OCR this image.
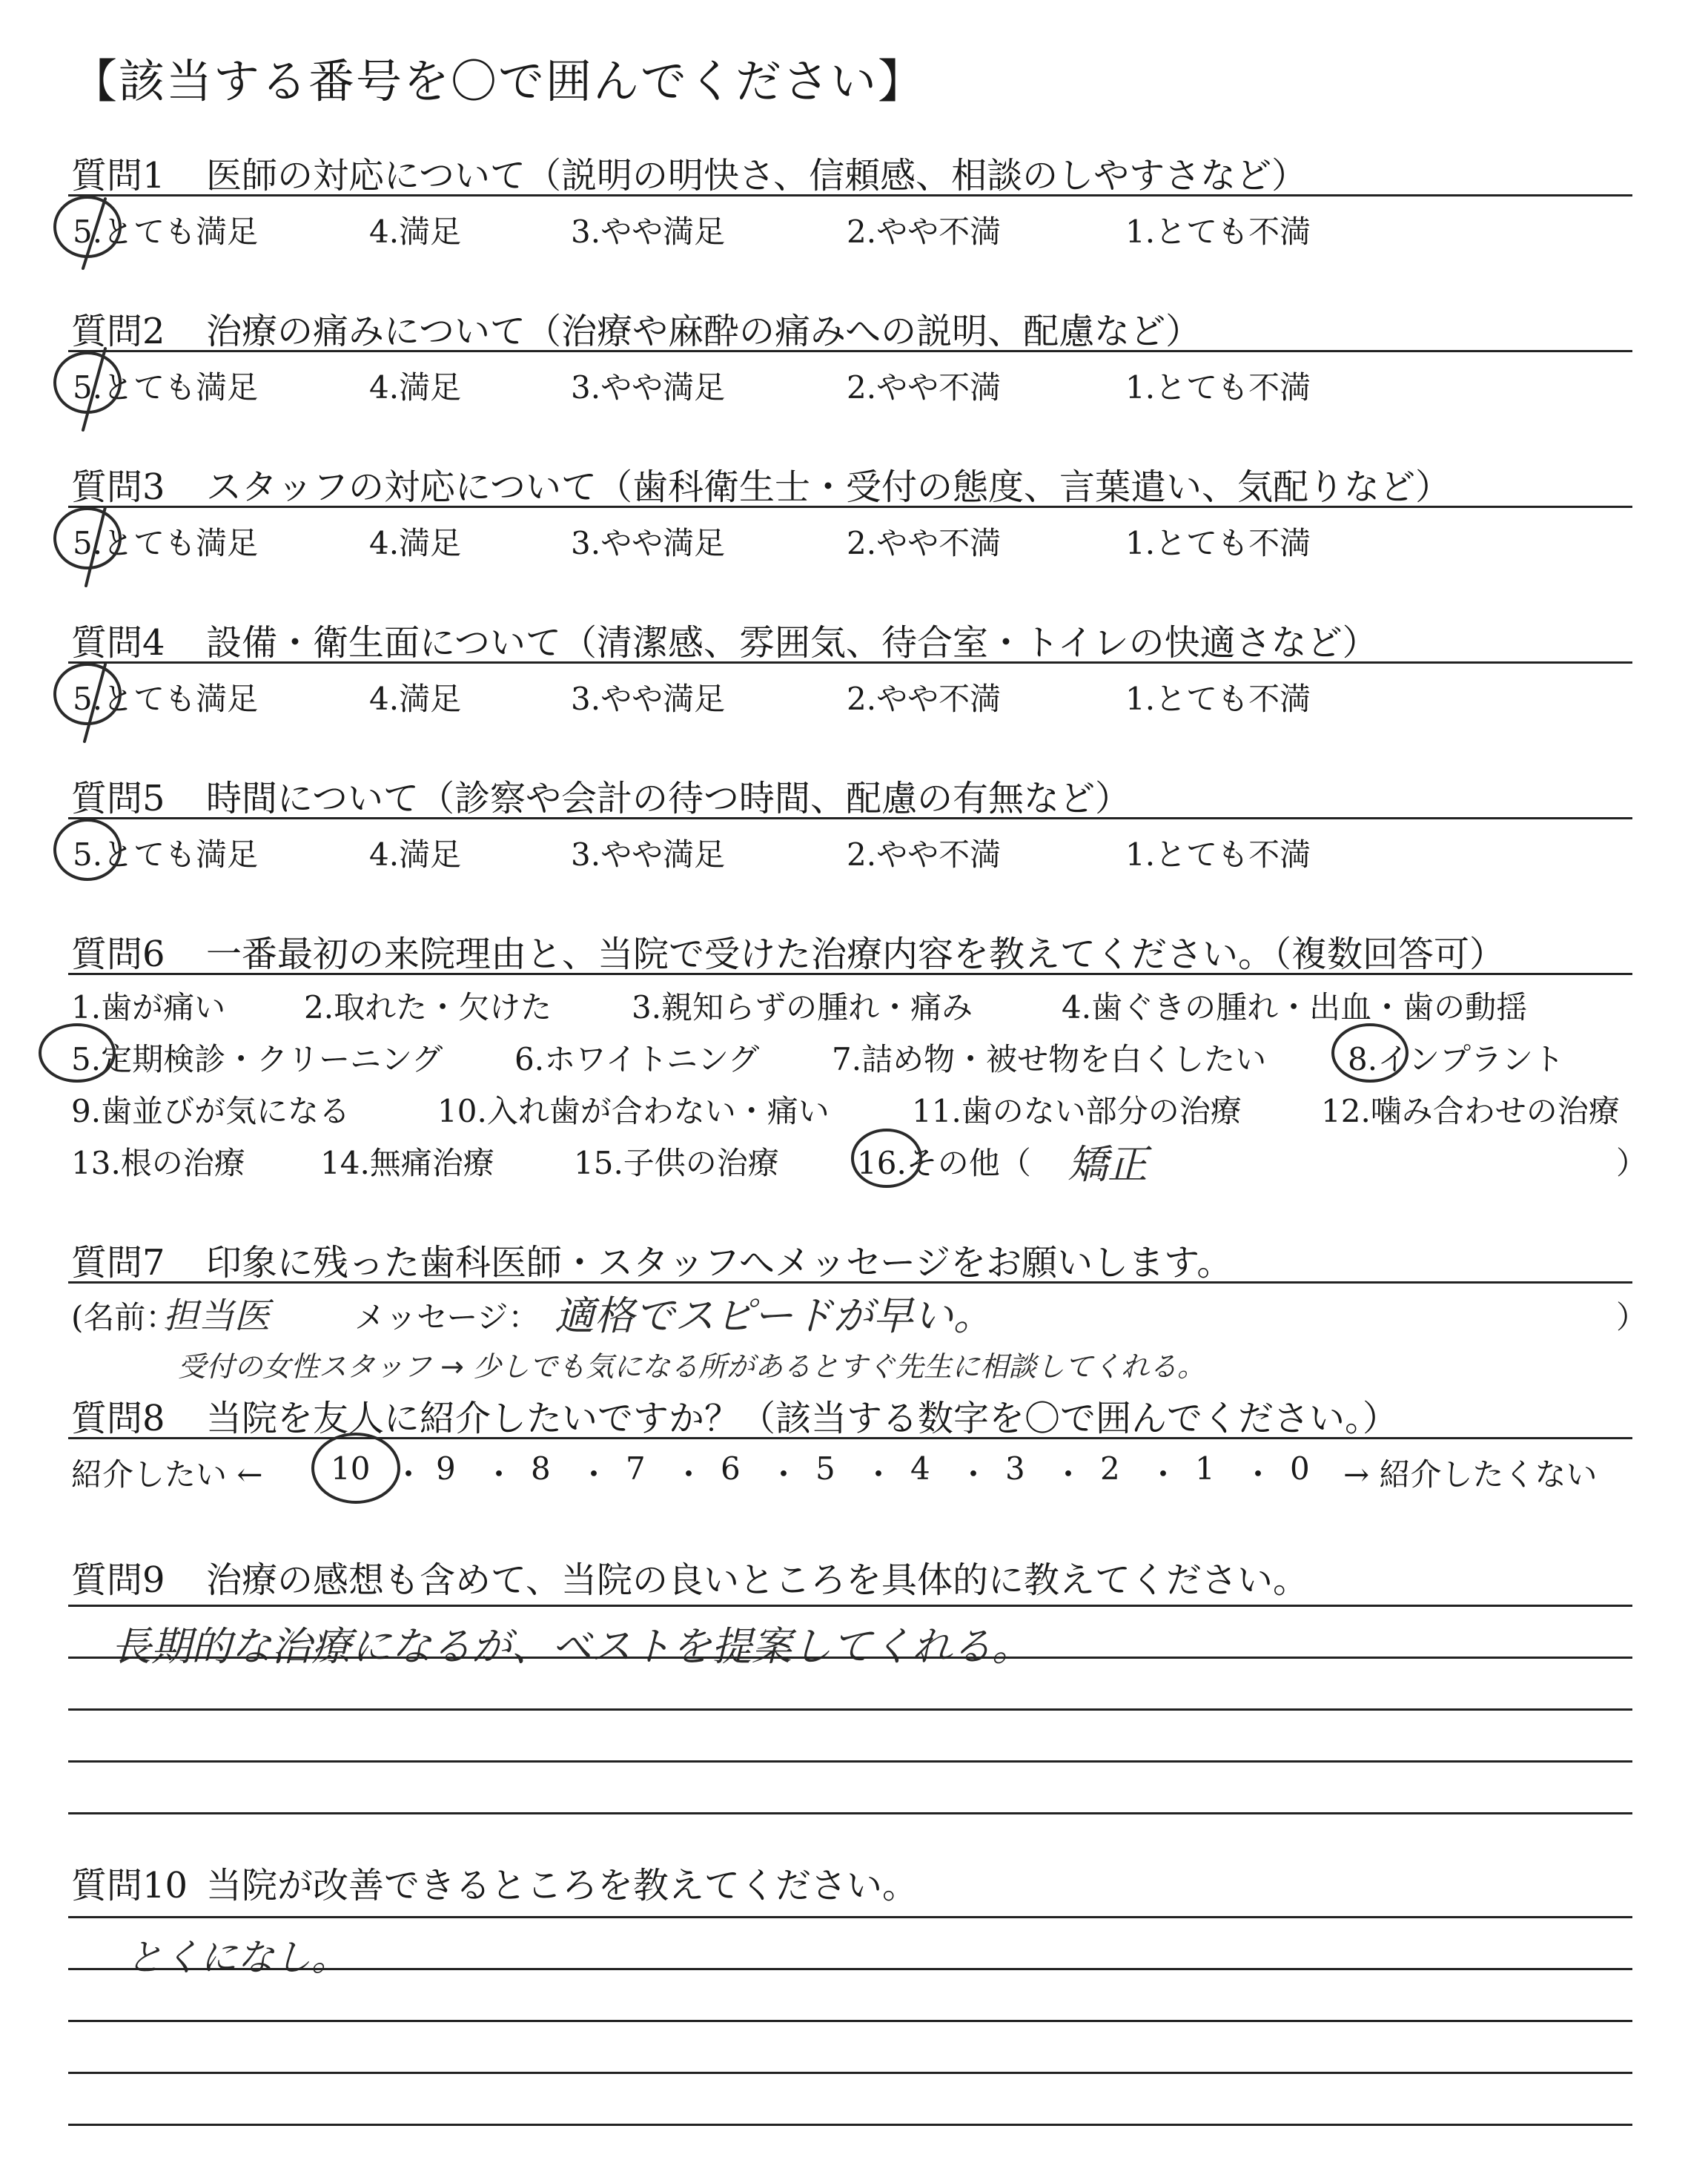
【該当する番号を〇で囲んでください】
質問1 医師の対応について（説明の明快さ、信頼感、相談のしやすさなど）
5.とても満足	4.満足	3.やや満足	2.やや不満	1.とても不満
質問2 治療の痛みについて（治療や麻酔の痛みへの説明、配慮など）
5.とても満足	4.満足	3.やや満足	2.やや不満	1.とても不満
質問3 スタッフの対応について（歯科衛生士・受付の態度、言葉遣い、気配りなど）
5.とても満足	4.満足	3.やや満足	2.やや不満	1.とても不満
質問4 設備・衛生面について（清潔感、雰囲気、待合室・トイレの快適さなど）
5.とても満足	4.満足	3.やや満足	2.やや不満	1.とても不満
質問5 時間について（診察や会計の待つ時間、配慮の有無など）
5.とても満足	4.満足	3.やや満足	2.やや不満	1.とても不満
質問6 一番最初の来院理由と、当院で受けた治療内容を教えてください。（複数回答可）
1.歯が痛い	2.取れた・欠けた	3.親知らずの腫れ・痛み	4.歯ぐきの腫れ・出血・歯の動揺
5.定期検診・クリーニング 6.ホワイトニング 7.詰め物・被せ物を白くしたい	8.インプラント
9.歯並びが気になる	10.入れ歯が合わない・痛い	11.歯のない部分の治療	12.噛み合わせの治療
13.根の治療 14.無痛治療	15.子供の治療	16.その他（ 矯正	）
質問7 印象に残った歯科医師・スタッフへメッセージをお願いします。
(名前：
担当医	メッセージ： 適格でスピードが早い。	）
受付の女性スタッフ → 少しでも気になる所があるとすぐ先生に相談してくれる。
質問8 当院を友人に紹介したいですか？（該当する数字を〇で囲んでください。）
紹介したい ← 10 ・ 9 ・ 8 ・ 7 ・ 6 ・ 5 ・ 4 ・ 3 ・ 2 ・ 1 ・ 0 → 紹介したくない
質問9 治療の感想も含めて、当院の良いところを具体的に教えてください。
長期的な治療になるが、ベストを提案してくれる。
質問10 当院が改善できるところを教えてください。
とくになし。
